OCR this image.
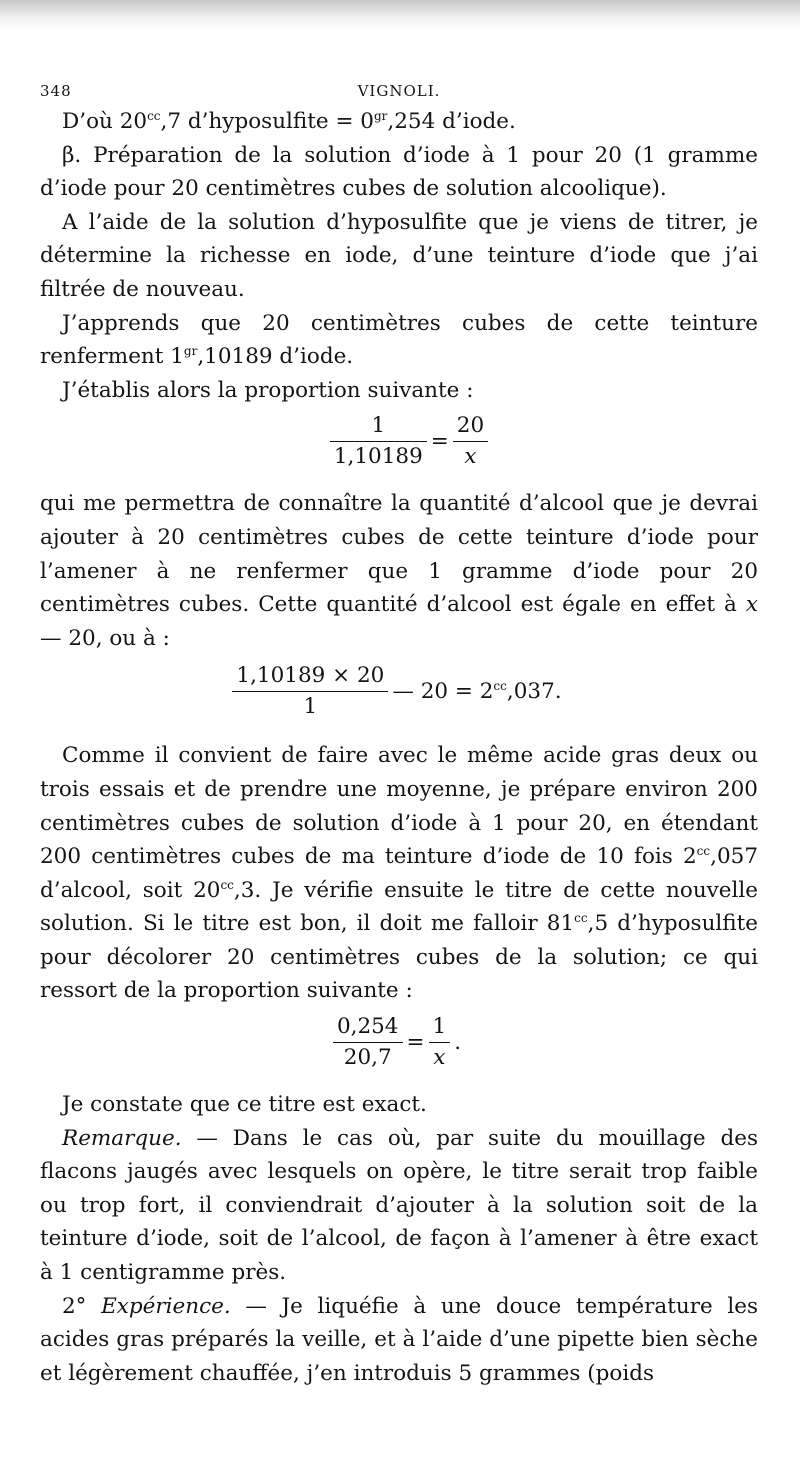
348	VIGNOLI.

D’où $20^{cc},7$ d’hyposulfite = $0^{gr},254$ d’iode.

β. Préparation de la solution d’iode à 1 pour 20 (1 gramme d’iode pour 20 centimètres cubes de solution alcoolique).

A l’aide de la solution d’hyposulfite que je viens de titrer, je détermine la richesse en iode, d’une teinture d’iode que j’ai filtrée de nouveau.

J’apprends que 20 centimètres cubes de cette teinture renferment $1^{gr},10189$ d’iode.

J’établis alors la proportion suivante :

$\frac{1}{1,10189} = \frac{20}{x}$

qui me permettra de connaître la quantité d’alcool que je devrai ajouter à 20 centimètres cubes de cette teinture d’iode pour l’amener à ne renfermer que 1 gramme d’iode pour 20 centimètres cubes. Cette quantité d’alcool est égale en effet à x — 20, ou à :

$\frac{1,10189 \times 20}{1}$ — $20 = 2^{cc},037$.

Comme il convient de faire avec le même acide gras deux ou trois essais et de prendre une moyenne, je prépare environ 200 centimètres cubes de solution d’iode à 1 pour 20, en étendant 200 centimètres cubes de ma teinture d’iode de 10 fois $2^{cc},057$ d’alcool, soit $20^{cc},3$. Je vérifie ensuite le titre de cette nouvelle solution. Si le titre est bon, il doit me falloir $81^{cc},5$ d’hyposulfite pour décolorer 20 centimètres cubes de la solution; ce qui ressort de la proportion suivante :

$\frac{0,254}{20,7} = \frac{1}{x}$ .

Je constate que ce titre est exact.

Remarque. — Dans le cas où, par suite du mouillage des flacons jaugés avec lesquels on opère, le titre serait trop faible ou trop fort, il conviendrait d’ajouter à la solution soit de la teinture d’iode, soit de l’alcool, de façon à l’amener à être exact à 1 centigramme près.

2° Expérience. — Je liquéfie à une douce température les acides gras préparés la veille, et à l’aide d’une pipette bien sèche et légèrement chauffée, j’en introduis 5 grammes (poids
